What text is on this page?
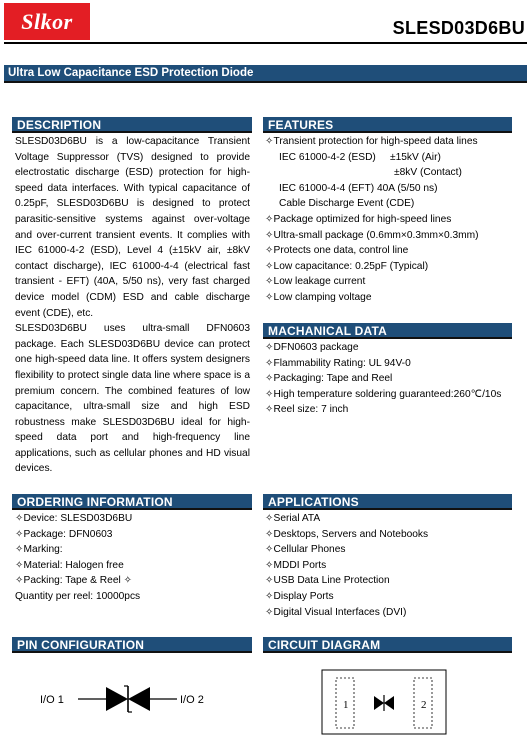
Slkor	SLESD03D6BU
Ultra Low Capacitance ESD Protection Diode
DESCRIPTION

SLESD03D6BU is a low-capacitance Transient Voltage Suppressor (TVS) designed to provide electrostatic discharge (ESD) protection for high-speed data interfaces. With typical capacitance of 0.25pF, SLESD03D6BU is designed to protect parasitic-sensitive systems against over-voltage and over-current transient events. It complies with IEC 61000-4-2 (ESD), Level 4 (±15kV air, ±8kV contact discharge), IEC 61000-4-4 (electrical fast transient - EFT) (40A, 5/50 ns), very fast charged device model (CDM) ESD and cable discharge event (CDE), etc.

SLESD03D6BU uses ultra-small DFN0603 package. Each SLESD03D6BU device can protect one high-speed data line. It offers system designers flexibility to protect single data line where space is a premium concern. The combined features of low capacitance, ultra-small size and high ESD robustness make SLESD03D6BU ideal for high-speed data port and high-frequency line applications, such as cellular phones and HD visual devices.

FEATURES
✧Transient protection for high-speed data lines
IEC 61000-4-2 (ESD)     ±15kV (Air)
±8kV (Contact)
IEC 61000-4-4 (EFT) 40A (5/50 ns)
Cable Discharge Event (CDE)
✧Package optimized for high-speed lines
✧Ultra-small package (0.6mm×0.3mm×0.3mm)
✧Protects one data, control line
✧Low capacitance: 0.25pF (Typical)
✧Low leakage current
✧Low clamping voltage
MACHANICAL DATA
✧DFN0603 package
✧Flammability Rating: UL 94V-0
✧Packaging: Tape and Reel
✧High temperature soldering guaranteed:260℃/10s
✧Reel size: 7 inch
ORDERING INFORMATION
✧Device: SLESD03D6BU
✧Package: DFN0603
✧Marking:
✧Material: Halogen free
✧Packing: Tape & Reel ✧
Quantity per reel: 10000pcs
APPLICATIONS
✧Serial ATA
✧Desktops, Servers and Notebooks
✧Cellular Phones
✧MDDI Ports
✧USB Data Line Protection
✧Display Ports
✧Digital Visual Interfaces (DVI)
PIN CONFIGURATION
I/O 1	I/O 2
CIRCUIT DIAGRAM
1	2
